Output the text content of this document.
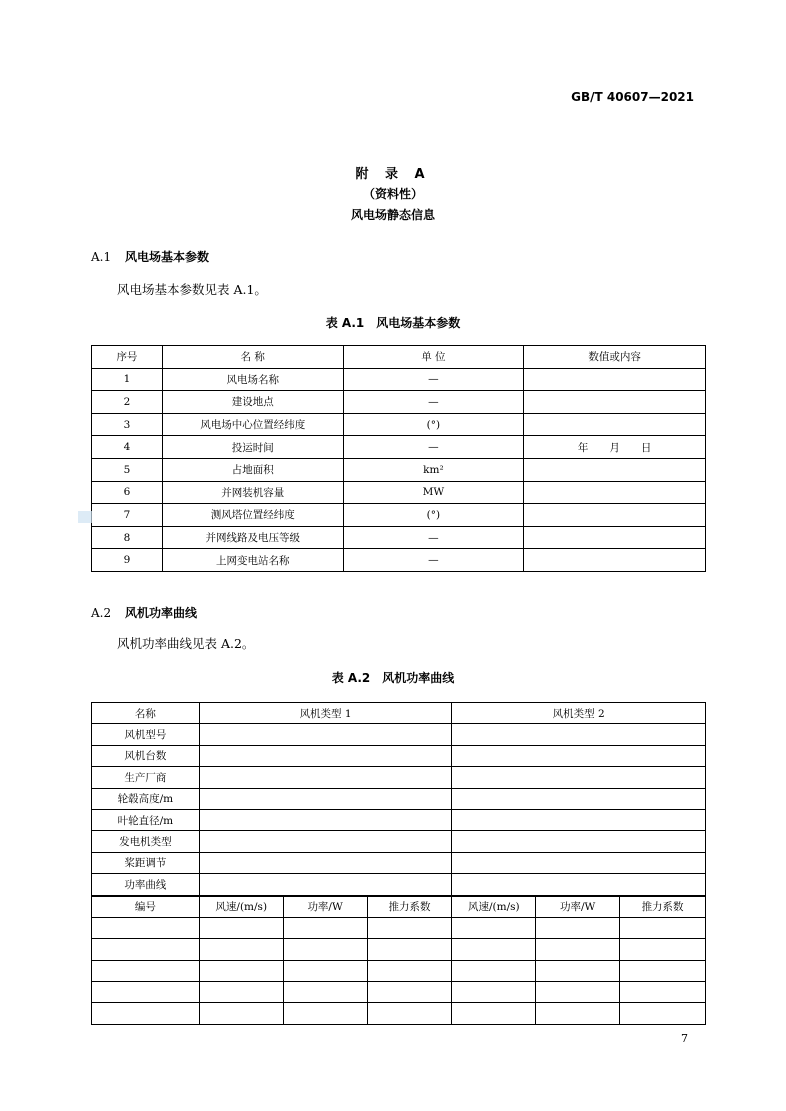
GB/T 40607—2021
附 录 A
（资料性）
风电场静态信息
A.1 风电场基本参数
风电场基本参数见表 A.1。
表 A.1　风电场基本参数
序号	名 称	单 位	数值或内容
1	风电场名称	—	
2	建设地点	—	
3	风电场中心位置经纬度	(°)	
4	投运时间	—	年　　月　　日
5	占地面积	km²	
6	并网装机容量	MW	
7	测风塔位置经纬度	(°)	
8	并网线路及电压等级	—	
9	上网变电站名称	—	
A.2 风机功率曲线
风机功率曲线见表 A.2。
表 A.2　风机功率曲线
名称	风机类型 1			风机类型 2		
风机型号						
风机台数						
生产厂商						
轮毂高度/m						
叶轮直径/m						
发电机类型						
桨距调节						
功率曲线						
编号	风速/(m/s)	功率/W	推力系数	风速/(m/s)	功率/W	推力系数

7
